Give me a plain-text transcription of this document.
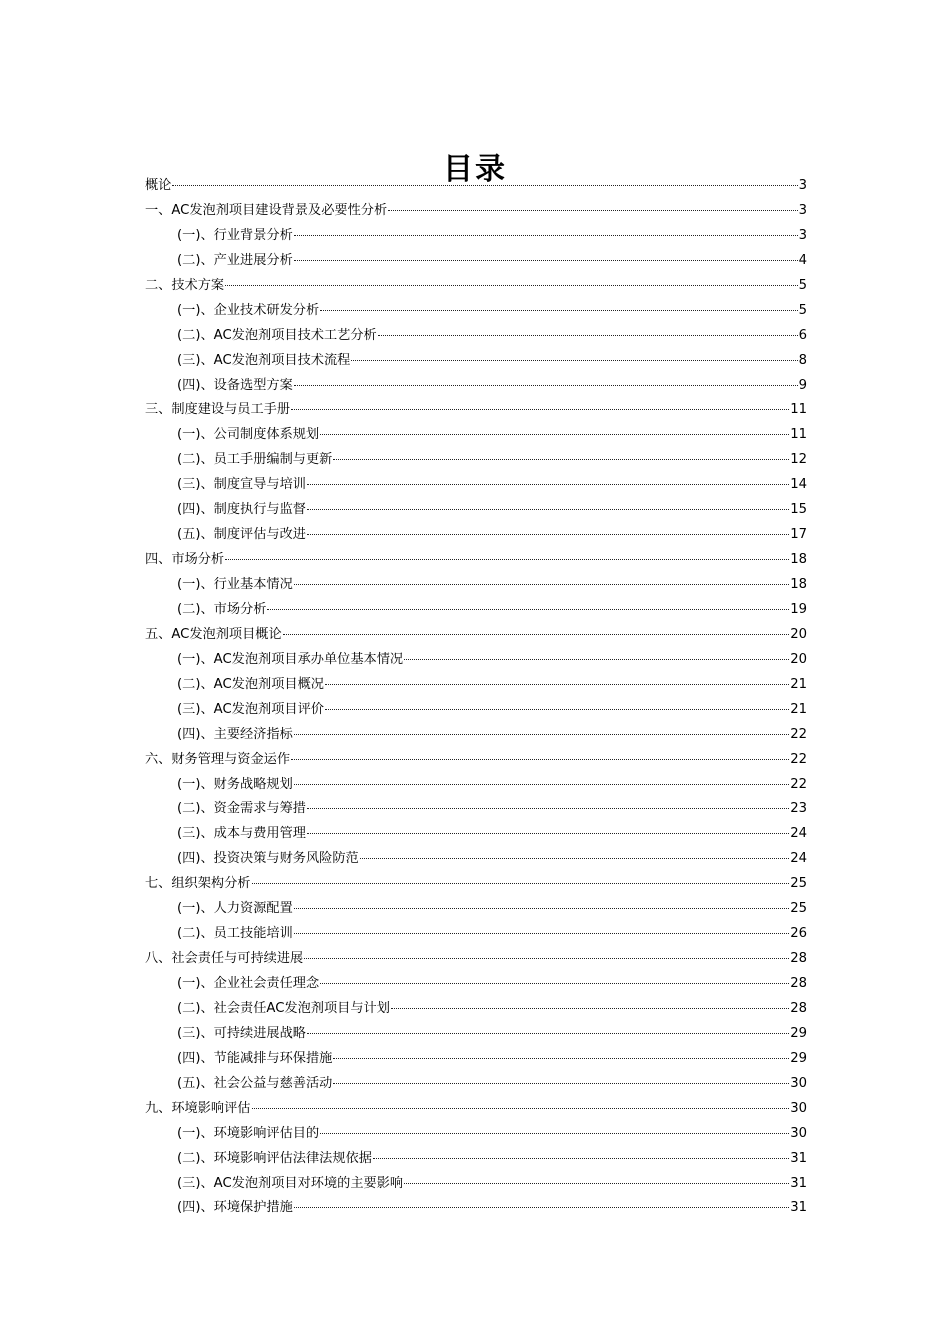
目录
概论	3
一、AC发泡剂项目建设背景及必要性分析	3
(一)、行业背景分析	3
(二)、产业进展分析	4
二、技术方案	5
(一)、企业技术研发分析	5
(二)、AC发泡剂项目技术工艺分析	6
(三)、AC发泡剂项目技术流程	8
(四)、设备选型方案	9
三、制度建设与员工手册	11
(一)、公司制度体系规划	11
(二)、员工手册编制与更新	12
(三)、制度宣导与培训	14
(四)、制度执行与监督	15
(五)、制度评估与改进	17
四、市场分析	18
(一)、行业基本情况	18
(二)、市场分析	19
五、AC发泡剂项目概论	20
(一)、AC发泡剂项目承办单位基本情况	20
(二)、AC发泡剂项目概况	21
(三)、AC发泡剂项目评价	21
(四)、主要经济指标	22
六、财务管理与资金运作	22
(一)、财务战略规划	22
(二)、资金需求与筹措	23
(三)、成本与费用管理	24
(四)、投资决策与财务风险防范	24
七、组织架构分析	25
(一)、人力资源配置	25
(二)、员工技能培训	26
八、社会责任与可持续进展	28
(一)、企业社会责任理念	28
(二)、社会责任AC发泡剂项目与计划	28
(三)、可持续进展战略	29
(四)、节能减排与环保措施	29
(五)、社会公益与慈善活动	30
九、环境影响评估	30
(一)、环境影响评估目的	30
(二)、环境影响评估法律法规依据	31
(三)、AC发泡剂项目对环境的主要影响	31
(四)、环境保护措施	31
